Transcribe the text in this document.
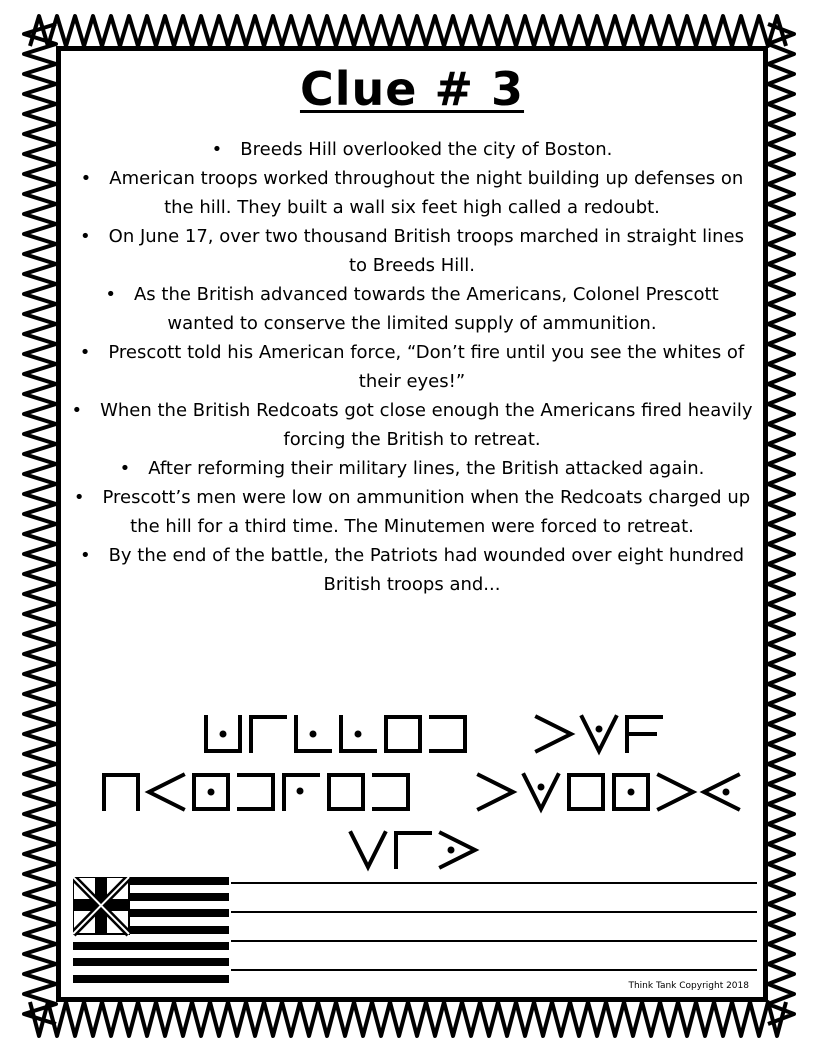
Clue # 3
• Breeds Hill overlooked the city of Boston.
• American troops worked throughout the night building up defenses on the hill. They built a wall six feet high called a redoubt.
• On June 17, over two thousand British troops marched in straight lines to Breeds Hill.
• As the British advanced towards the Americans, Colonel Prescott wanted to conserve the limited supply of ammunition.
• Prescott told his American force, “Don’t fire until you see the whites of their eyes!”
• When the British Redcoats got close enough the Americans fired heavily forcing the British to retreat.
• After reforming their military lines, the British attacked again.
• Prescott’s men were low on ammunition when the Redcoats charged up the hill for a third time. The Minutemen were forced to retreat.
• By the end of the battle, the Patriots had wounded over eight hundred British troops and...
Think Tank Copyright 2018
